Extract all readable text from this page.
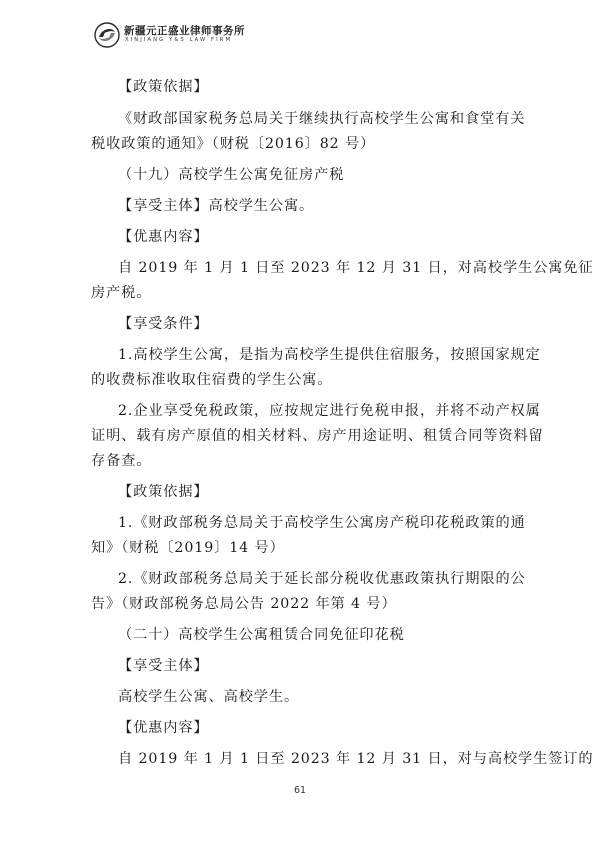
新疆元正盛业律师事务所
XINJIANG Y&S LAW FIRM
【政策依据】
《财政部国家税务总局关于继续执行高校学生公寓和食堂有关
税收政策的通知》（财税〔2016〕82 号）
（十九）高校学生公寓免征房产税
【享受主体】高校学生公寓。
【优惠内容】
自 2019 年 1 月 1 日至 2023 年 12 月 31 日，对高校学生公寓免征
房产税。
【享受条件】
1.高校学生公寓，是指为高校学生提供住宿服务，按照国家规定
的收费标准收取住宿费的学生公寓。
2.企业享受免税政策，应按规定进行免税申报，并将不动产权属
证明、载有房产原值的相关材料、房产用途证明、租赁合同等资料留
存备查。
【政策依据】
1.《财政部税务总局关于高校学生公寓房产税印花税政策的通
知》（财税〔2019〕14 号）
2.《财政部税务总局关于延长部分税收优惠政策执行期限的公
告》（财政部税务总局公告 2022 年第 4 号）
（二十）高校学生公寓租赁合同免征印花税
【享受主体】
高校学生公寓、高校学生。
【优惠内容】
自 2019 年 1 月 1 日至 2023 年 12 月 31 日，对与高校学生签订的
61
